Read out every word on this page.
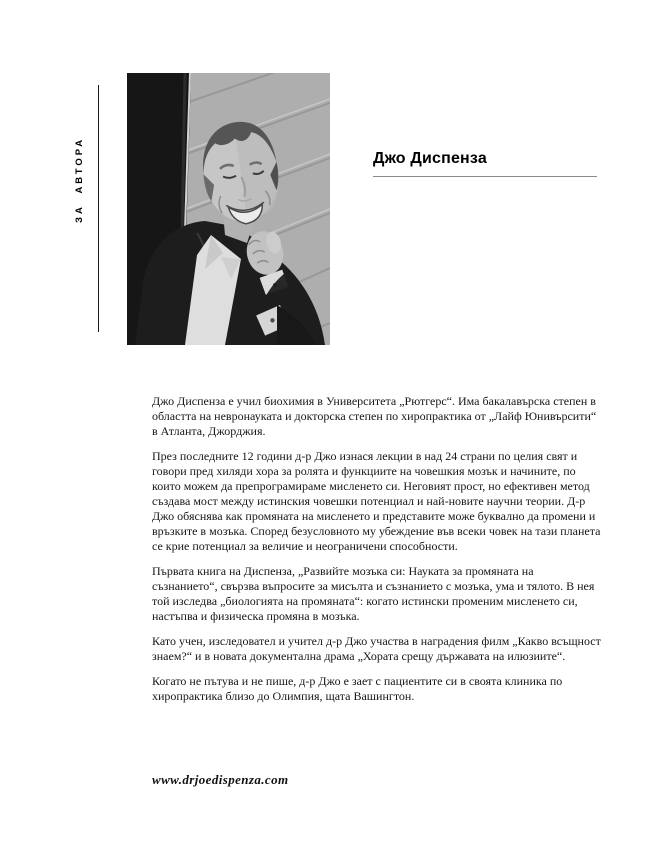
ЗА АВТОРА	Джо Диспенза

Джо Диспенза е учил биохимия в Университета „Рютгерс“. Има бакалавърска степен в областта на невронауката и докторска степен по хиропрактика от „Лайф Юнивърсити“ в Атланта, Джорджия.

През последните 12 години д-р Джо изнася лекции в над 24 страни по целия свят и говори пред хиляди хора за ролята и функциите на човешкия мозък и начините, по които можем да препрограмираме мисленето си. Неговият прост, но ефективен метод създава мост между истинския човешки потенциал и най-новите научни теории. Д-р Джо обяснява как промяната на мисленето и представите може буквално да промени и връзките в мозъка. Според безусловното му убеждение във всеки човек на тази планета се крие потенциал за величие и неограничени способности.

Първата книга на Диспенза, „Развийте мозъка си: Науката за промяната на съзнанието“, свързва въпросите за мисълта и съзнанието с мозъка, ума и тялото. В нея той изследва „биологията на промяната“: когато истински променим мисленето си, настъпва и физическа промяна в мозъка.

Като учен, изследовател и учител д-р Джо участва в наградения филм „Какво всъщност знаем?“ и в новата документална драма „Хората срещу държавата на илюзиите“.

Когато не пътува и не пише, д-р Джо е зает с пациентите си в своята клиника по хиропрактика близо до Олимпия, щата Вашингтон.

www.drjoedispenza.com
